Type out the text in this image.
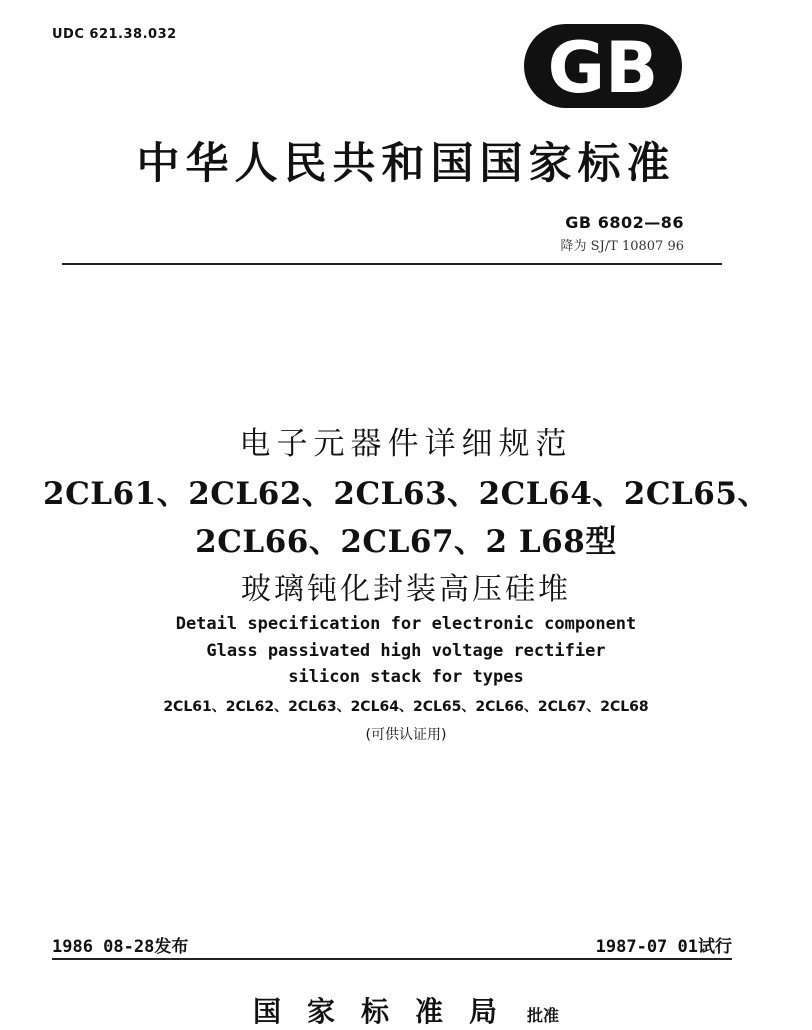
UDC 621.38.032	GB
中华人民共和国国家标准
GB 6802—86
降为 SJ/T 10807 96
电子元器件详细规范
2CL61、2CL62、2CL63、2CL64、2CL65、
2CL66、2CL67、2 L68型
玻璃钝化封装高压硅堆
Detail specification for electronic component
Glass passivated high voltage rectifier
silicon stack for types
2CL61、2CL62、2CL63、2CL64、2CL65、2CL66、2CL67、2CL68
(可供认证用)
1986 08-28发布	1987-07 01试行
国家标准局 批准
